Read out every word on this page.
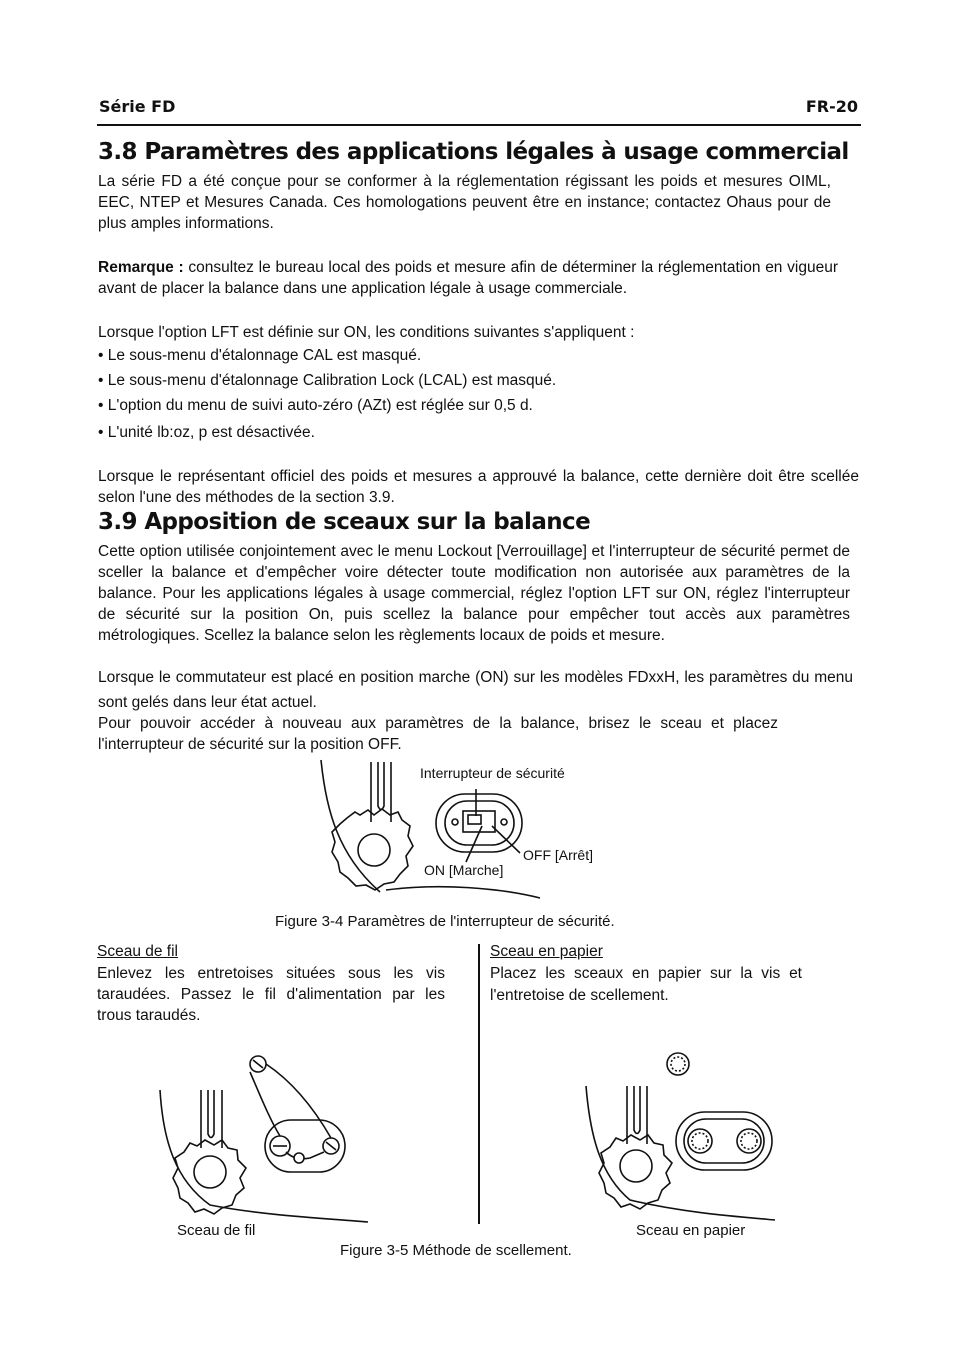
Série FD	FR-20
3.8 Paramètres des applications légales à usage commercial

La série FD a été conçue pour se conformer à la réglementation régissant les poids et mesures OIML, EEC, NTEP et Mesures Canada. Ces homologations peuvent être en instance; contactez Ohaus pour de plus amples informations.

Remarque : consultez le bureau local des poids et mesure afin de déterminer la réglementation en vigueur avant de placer la balance dans une application légale à usage commerciale.

Lorsque l'option LFT est définie sur ON, les conditions suivantes s'appliquent :

• Le sous-menu d'étalonnage CAL est masqué.
• Le sous-menu d'étalonnage Calibration Lock (LCAL) est masqué.
• L'option du menu de suivi auto-zéro (AZt) est réglée sur 0,5 d.
• L'unité lb:oz, p est désactivée.

Lorsque le représentant officiel des poids et mesures a approuvé la balance, cette dernière doit être scellée selon l'une des méthodes de la section 3.9.

3.9 Apposition de sceaux sur la balance

Cette option utilisée conjointement avec le menu Lockout [Verrouillage] et l'interrupteur de sécurité permet de sceller la balance et d'empêcher voire détecter toute modification non autorisée aux paramètres de la balance. Pour les applications légales à usage commercial, réglez l'option LFT sur ON, réglez l'interrupteur de sécurité sur la position On, puis scellez la balance pour empêcher tout accès aux paramètres métrologiques. Scellez la balance selon les règlements locaux de poids et mesure.

Lorsque le commutateur est placé en position marche (ON) sur les modèles FDxxH, les paramètres du menu sont gelés dans leur état actuel.

Pour pouvoir accéder à nouveau aux paramètres de la balance, brisez le sceau et placez l'interrupteur de sécurité sur la position OFF.

Interrupteur de sécurité
OFF [Arrêt]
ON [Marche]
Figure 3-4 Paramètres de l'interrupteur de sécurité.
Sceau de fil

Enlevez les entretoises situées sous les vis taraudées. Passez le fil d'alimentation par les trous taraudés.

Sceau en papier

Placez les sceaux en papier sur la vis et l'entretoise de scellement.

Sceau de fil	Sceau en papier
Figure 3-5 Méthode de scellement.
